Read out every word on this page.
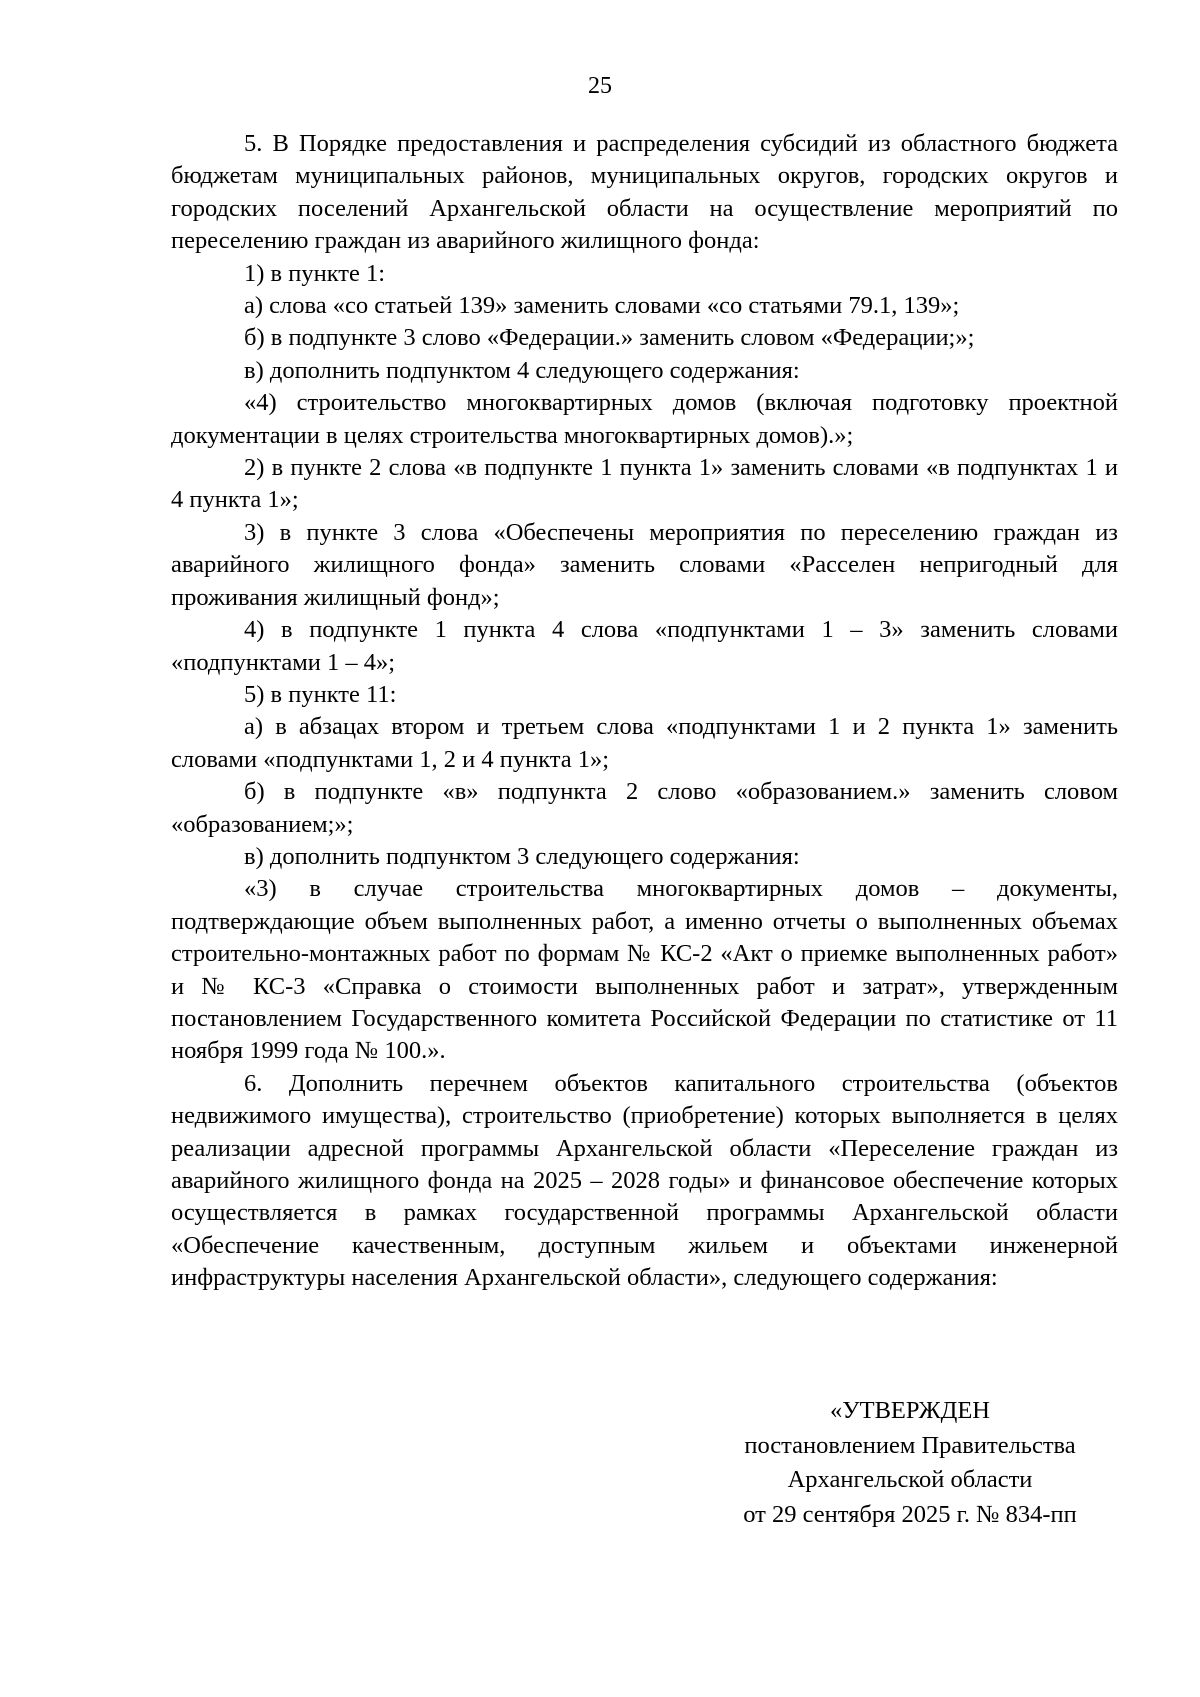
25

5. В Порядке предоставления и распределения субсидий из областного бюджета бюджетам муниципальных районов, муниципальных округов, городских округов и городских поселений Архангельской области на осуществление мероприятий по переселению граждан из аварийного жилищного фонда:

1) в пункте 1:

а) слова «со статьей 139» заменить словами «со статьями 79.1, 139»;

б) в подпункте 3 слово «Федерации.» заменить словом «Федерации;»;

в) дополнить подпунктом 4 следующего содержания:

«4) строительство многоквартирных домов (включая подготовку проектной документации в целях строительства многоквартирных домов).»;

2) в пункте 2 слова «в подпункте 1 пункта 1» заменить словами «в подпунктах 1 и 4 пункта 1»;

3) в пункте 3 слова «Обеспечены мероприятия по переселению граждан из аварийного жилищного фонда» заменить словами «Расселен непригодный для проживания жилищный фонд»;

4) в подпункте 1 пункта 4 слова «подпунктами 1 – 3» заменить словами «подпунктами 1 – 4»;

5) в пункте 11:

а) в абзацах втором и третьем слова «подпунктами 1 и 2 пункта 1» заменить словами «подпунктами 1, 2 и 4 пункта 1»;

б) в подпункте «в» подпункта 2 слово «образованием.» заменить словом «образованием;»;

в) дополнить подпунктом 3 следующего содержания:

«3) в случае строительства многоквартирных домов – документы, подтверждающие объем выполненных работ, а именно отчеты о выполненных объемах строительно-монтажных работ по формам № КС-2 «Акт о приемке выполненных работ» и № КС-3 «Справка о стоимости выполненных работ и затрат», утвержденным постановлением Государственного комитета Российской Федерации по статистике от 11 ноября 1999 года № 100.».

6. Дополнить перечнем объектов капитального строительства (объектов недвижимого имущества), строительство (приобретение) которых выполняется в целях реализации адресной программы Архангельской области «Переселение граждан из аварийного жилищного фонда на 2025 – 2028 годы» и финансовое обеспечение которых осуществляется в рамках государственной программы Архангельской области «Обеспечение качественным, доступным жильем и объектами инженерной инфраструктуры населения Архангельской области», следующего содержания:

«УТВЕРЖДЕН
постановлением Правительства
Архангельской области
от 29 сентября 2025 г. № 834-пп
